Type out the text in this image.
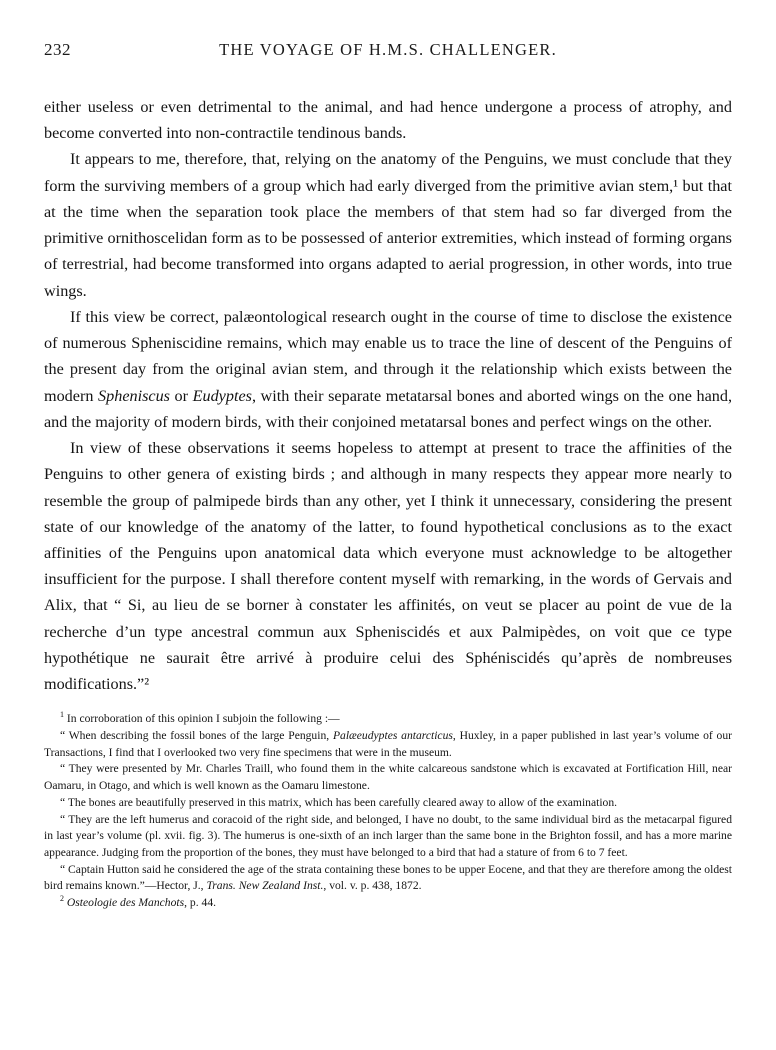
232	THE VOYAGE OF H.M.S. CHALLENGER.

either useless or even detrimental to the animal, and had hence undergone a process of atrophy, and become converted into non-contractile tendinous bands.

It appears to me, therefore, that, relying on the anatomy of the Penguins, we must conclude that they form the surviving members of a group which had early diverged from the primitive avian stem,¹ but that at the time when the separation took place the members of that stem had so far diverged from the primitive ornithoscelidan form as to be possessed of anterior extremities, which instead of forming organs of terrestrial, had become transformed into organs adapted to aerial progression, in other words, into true wings.

If this view be correct, palæontological research ought in the course of time to disclose the existence of numerous Spheniscidine remains, which may enable us to trace the line of descent of the Penguins of the present day from the original avian stem, and through it the relationship which exists between the modern Spheniscus or Eudyptes, with their separate metatarsal bones and aborted wings on the one hand, and the majority of modern birds, with their conjoined metatarsal bones and perfect wings on the other.

In view of these observations it seems hopeless to attempt at present to trace the affinities of the Penguins to other genera of existing birds ; and although in many respects they appear more nearly to resemble the group of palmipede birds than any other, yet I think it unnecessary, considering the present state of our knowledge of the anatomy of the latter, to found hypothetical conclusions as to the exact affinities of the Penguins upon anatomical data which everyone must acknowledge to be altogether insufficient for the purpose. I shall therefore content myself with remarking, in the words of Gervais and Alix, that “ Si, au lieu de se borner à constater les affinités, on veut se placer au point de vue de la recherche d’un type ancestral commun aux Spheniscidés et aux Palmipèdes, on voit que ce type hypothétique ne saurait être arrivé à produire celui des Sphéniscidés qu’après de nombreuses modifications.”²

$^1$ In corroboration of this opinion I subjoin the following :—

“ When describing the fossil bones of the large Penguin, Palæeudyptes antarcticus, Huxley, in a paper published in last year’s volume of our Transactions, I find that I overlooked two very fine specimens that were in the museum.

“ They were presented by Mr. Charles Traill, who found them in the white calcareous sandstone which is excavated at Fortification Hill, near Oamaru, in Otago, and which is well known as the Oamaru limestone.

“ The bones are beautifully preserved in this matrix, which has been carefully cleared away to allow of the examination.

“ They are the left humerus and coracoid of the right side, and belonged, I have no doubt, to the same individual bird as the metacarpal figured in last year’s volume (pl. xvii. fig. 3). The humerus is one-sixth of an inch larger than the same bone in the Brighton fossil, and has a more marine appearance. Judging from the proportion of the bones, they must have belonged to a bird that had a stature of from 6 to 7 feet.

“ Captain Hutton said he considered the age of the strata containing these bones to be upper Eocene, and that they are therefore among the oldest bird remains known.”—Hector, J., Trans. New Zealand Inst., vol. v. p. 438, 1872.

$^2$ Osteologie des Manchots, p. 44.
